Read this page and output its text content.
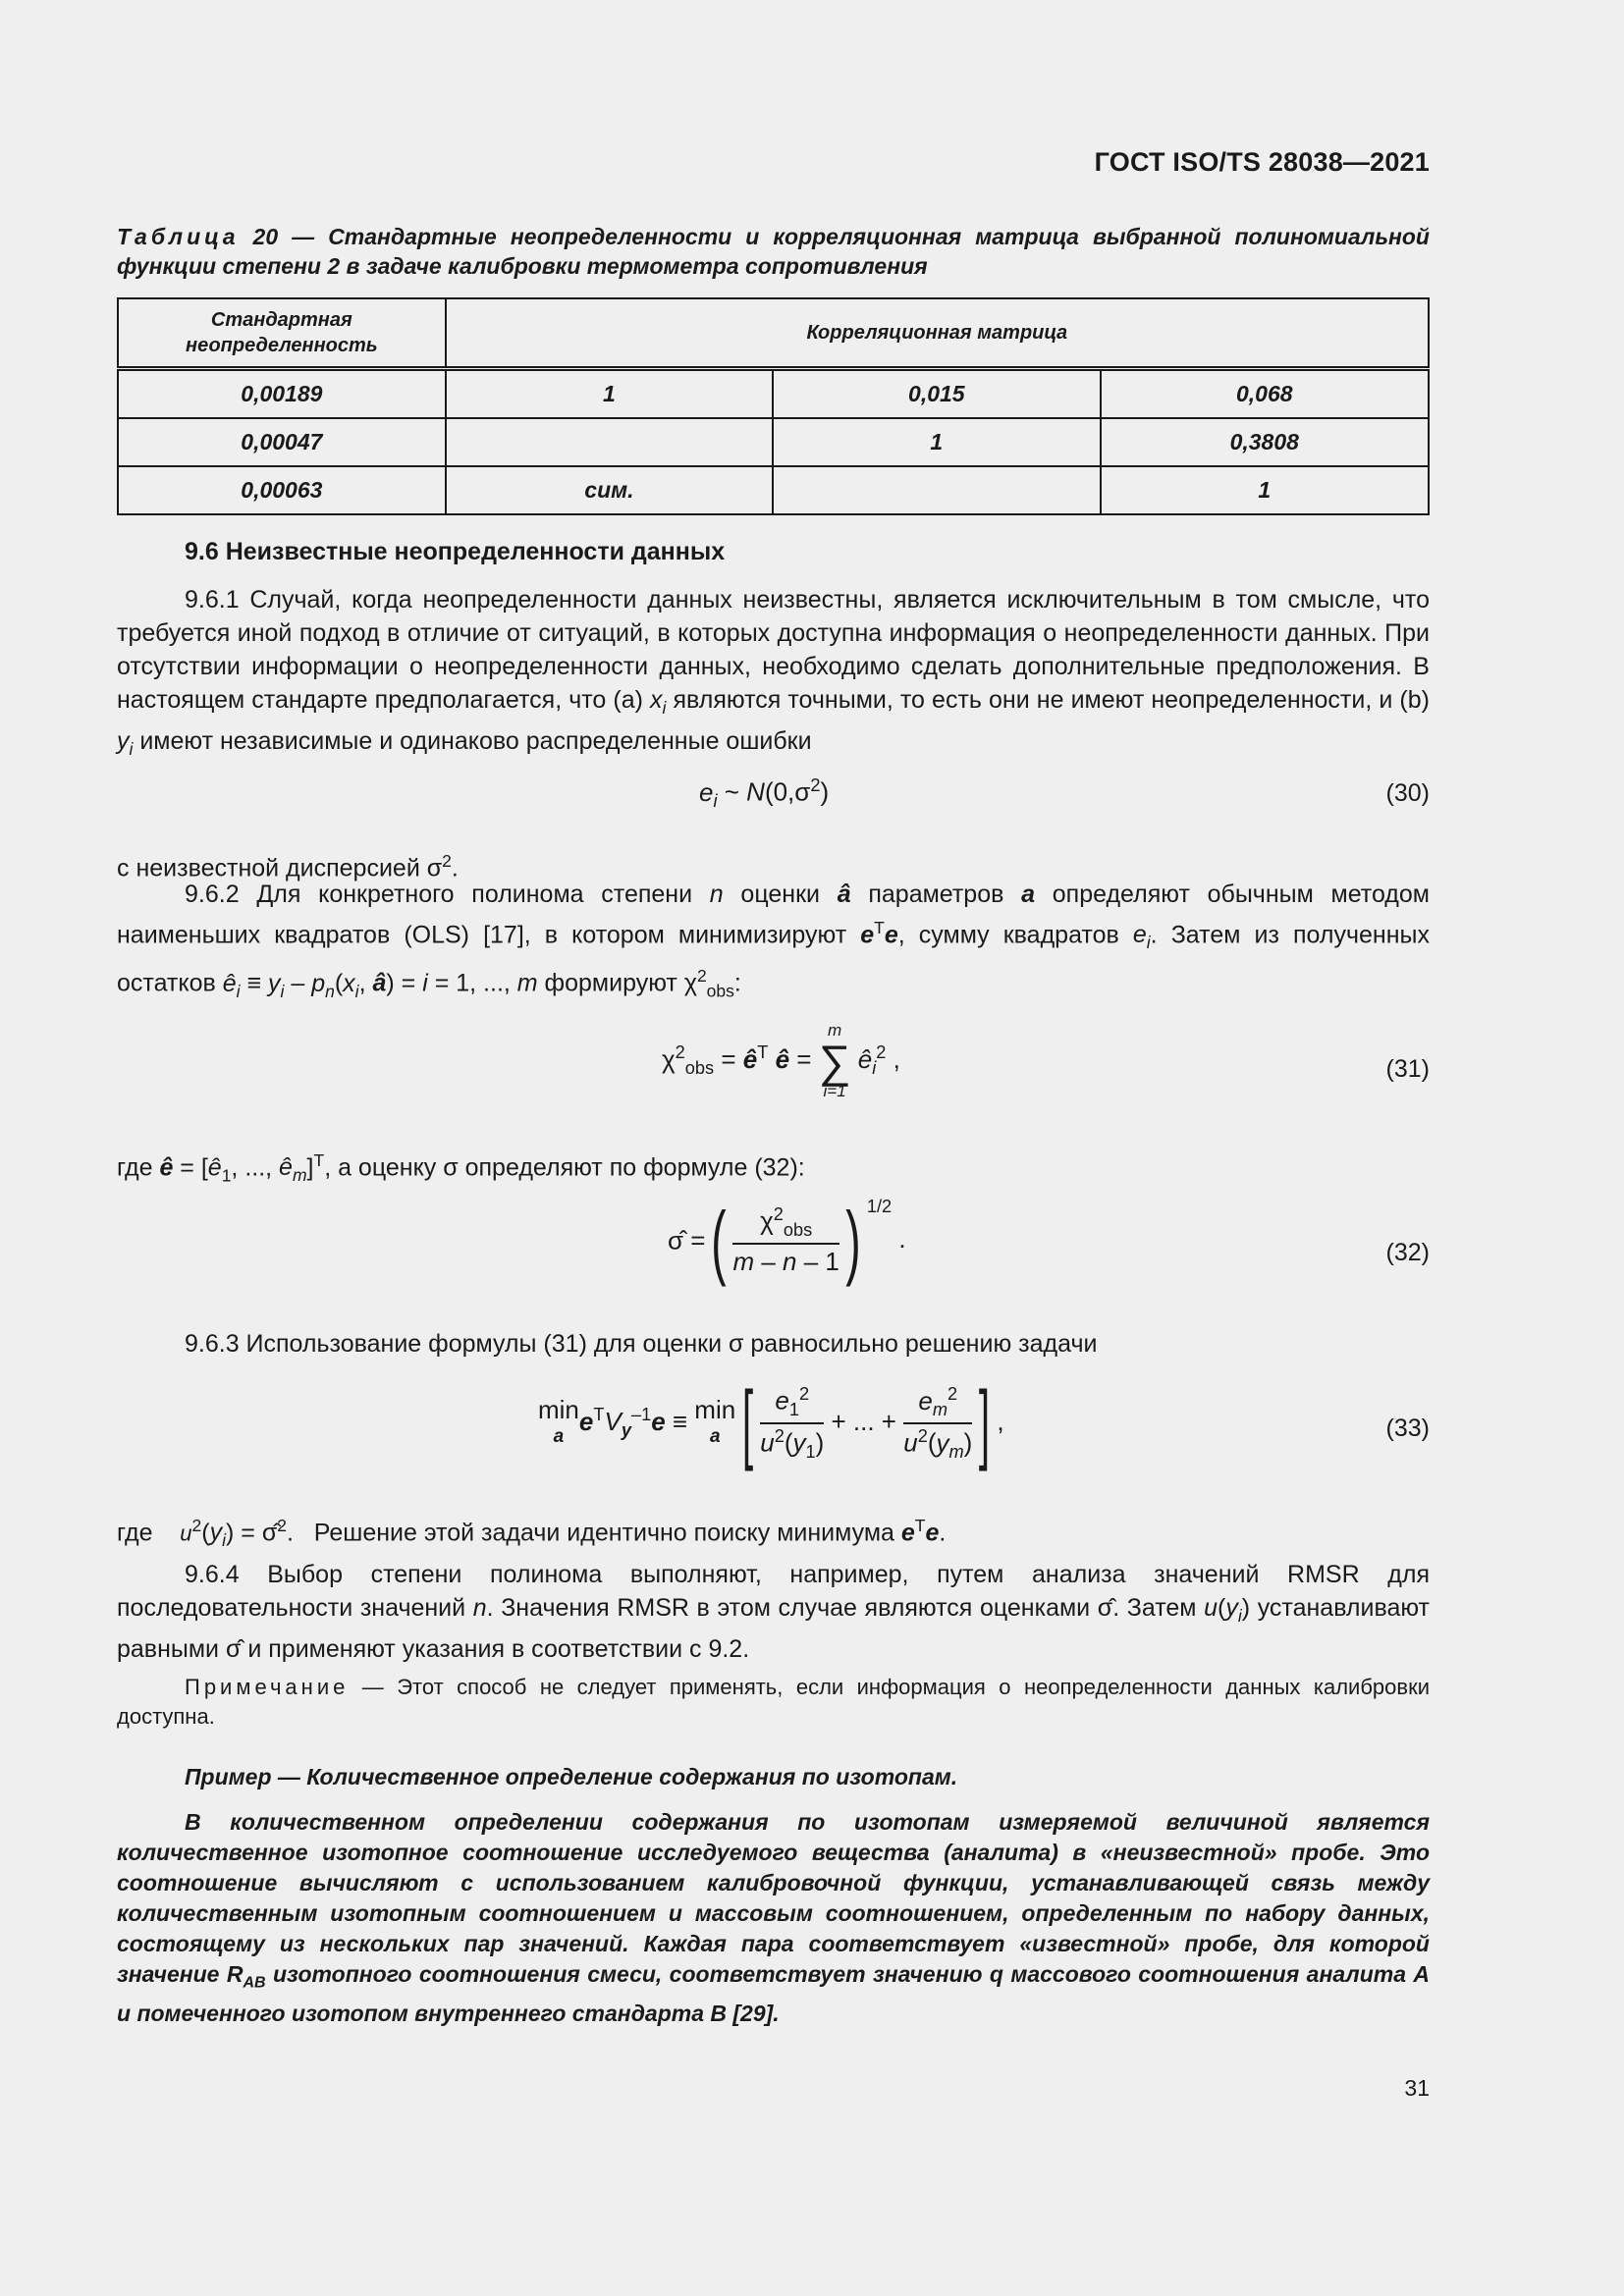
ГОСТ ISO/TS 28038—2021
Таблица 20 — Стандартные неопределенности и корреляционная матрица выбранной полиномиальной функции степени 2 в задаче калибровки термометра сопротивления
Стандартная неопределенность	Корреляционная матрица		
0,00189	1	0,015	0,068
0,00047		1	0,3808
0,00063	сим.		1
9.6 Неизвестные неопределенности данных
9.6.1 Случай, когда неопределенности данных неизвестны, является исключительным в том смысле, что требуется иной подход в отличие от ситуаций, в которых доступна информация о неопределенности данных. При отсутствии информации о неопределенности данных, необходимо сделать дополнительные предположения. В настоящем стандарте предполагается, что (a) $x_i$ являются точными, то есть они не имеют неопределенности, и (b) $y_i$ имеют независимые и одинаково распределенные ошибки
$e_i$ ~ $N(0,\sigma^2)$	(30)
с неизвестной дисперсией $\sigma^2$.
9.6.2 Для конкретного полинома степени n оценки â параметров a определяют обычным методом наименьших квадратов (OLS) [17], в котором минимизируют $e^Te$, сумму квадратов $e_i$. Затем из полученных остатков $ê_i \equiv y_i - p_n(x_i$, â) = i = 1, ..., m формируют $\chi^2_{obs}$:
$\chi^2_{obs}$ = $ê^T$ ê =
m
∑
i=1
$ê_i^2$ ,	(31)
где ê = [$ê_1$, ..., $ê_m]^T$, а оценку σ определяют по формуле (32):
σ̂ =( $\frac{\chi^2_{obs}}{m - n - 1}$ ) $^{1/2}$ .	(32)
9.6.3 Использование формулы (31) для оценки σ равносильно решению задачи
min
$ae^TV_y^{-1}e \equiv \min$
a [ $\frac{e_1^2}{u^2(y_1)}$ + ... + $\frac{e_m^2}{u^2(y_m)}$ ] ,	(33)
где $u^2(y_i)$ = σ̂$^2$.   Решение этой задачи идентично поиску минимума $e^Te$.
9.6.4 Выбор степени полинома выполняют, например, путем анализа значений RMSR для последовательности значений n. Значения RMSR в этом случае являются оценками σ̂. Затем $u(y_i)$ устанавливают равными σ̂ и применяют указания в соответствии с 9.2.
Примечание — Этот способ не следует применять, если информация о неопределенности данных калибровки доступна.
Пример — Количественное определение содержания по изотопам.
В количественном определении содержания по изотопам измеряемой величиной является количественное изотопное соотношение исследуемого вещества (аналита) в «неизвестной» пробе. Это соотношение вычисляют с использованием калибровочной функции, устанавливающей связь между количественным изотопным соотношением и массовым соотношением, определенным по набору данных, состоящему из нескольких пар значений. Каждая пара соответствует «известной» пробе, для которой значение $R_{AB}$ изотопного соотношения смеси, соответствует значению q массового соотношения аналита A и помеченного изотопом внутреннего стандарта B [29].
31
